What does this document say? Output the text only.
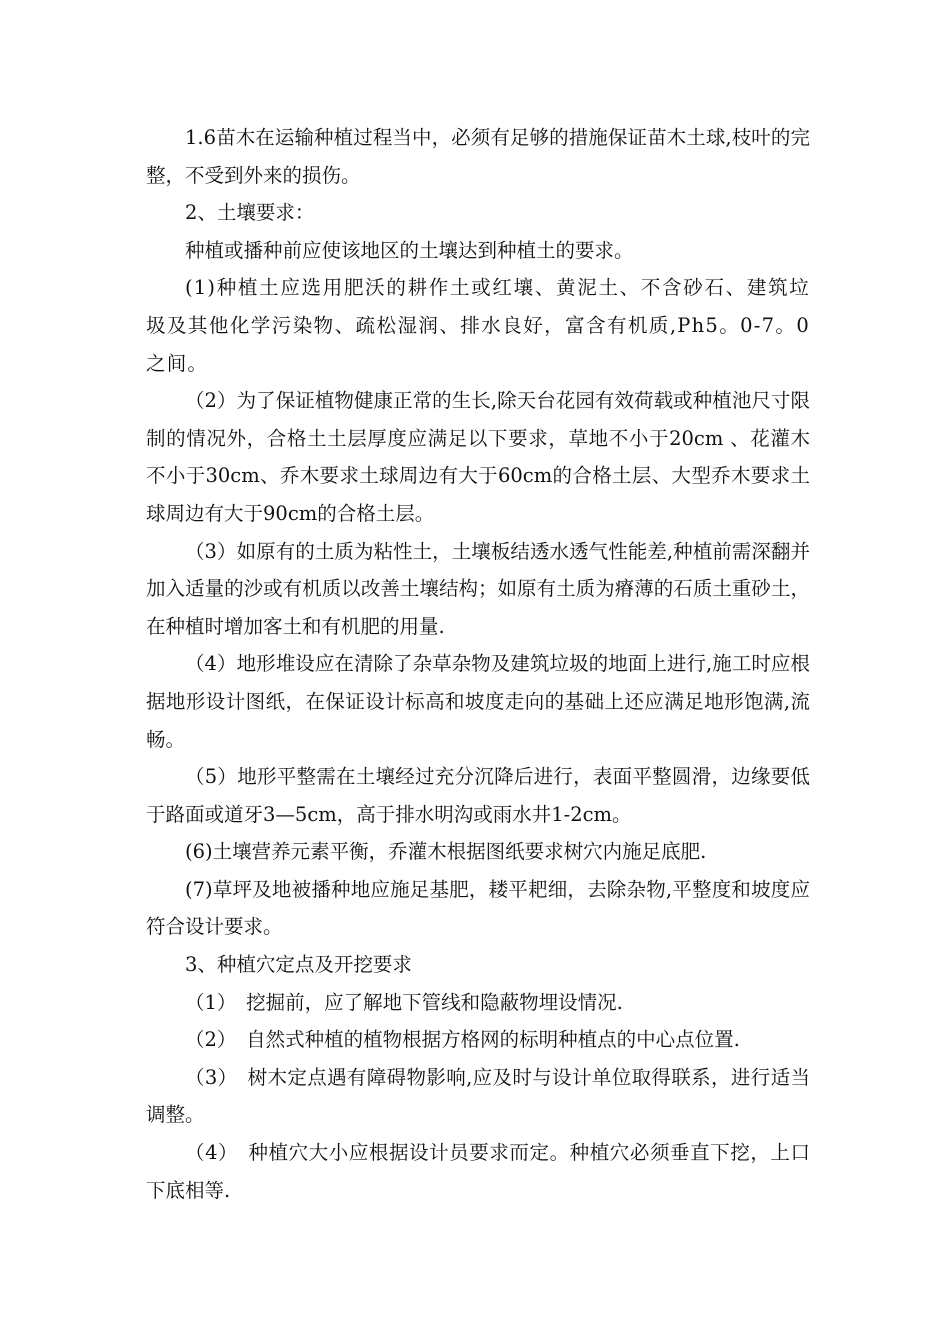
1.6苗木在运输种植过程当中，必须有足够的措施保证苗木土球,枝叶的完整，不受到外来的损伤。

2、土壤要求：

种植或播种前应使该地区的土壤达到种植土的要求。

(1)种植土应选用肥沃的耕作土或红壤、黄泥土、不含砂石、建筑垃圾及其他化学污染物、疏松湿润、排水良好，富含有机质,Ph5。0-7。0之间。

（2）为了保证植物健康正常的生长,除天台花园有效荷载或种植池尺寸限制的情况外，合格土土层厚度应满足以下要求，草地不小于20cm 、花灌木不小于30cm、乔木要求土球周边有大于60cm的合格土层、大型乔木要求土球周边有大于90cm的合格土层。

（3）如原有的土质为粘性土，土壤板结透水透气性能差,种植前需深翻并加入适量的沙或有机质以改善土壤结构；如原有土质为瘠薄的石质土重砂土，在种植时增加客土和有机肥的用量.

（4）地形堆设应在清除了杂草杂物及建筑垃圾的地面上进行,施工时应根据地形设计图纸，在保证设计标高和坡度走向的基础上还应满足地形饱满,流畅。

（5）地形平整需在土壤经过充分沉降后进行，表面平整圆滑，边缘要低于路面或道牙3—5cm，高于排水明沟或雨水井1-2cm。

(6)土壤营养元素平衡，乔灌木根据图纸要求树穴内施足底肥.

(7)草坪及地被播种地应施足基肥，耧平耙细，去除杂物,平整度和坡度应符合设计要求。

3、种植穴定点及开挖要求

（1）　挖掘前，应了解地下管线和隐蔽物埋设情况.

（2）　自然式种植的植物根据方格网的标明种植点的中心点位置.

（3）　树木定点遇有障碍物影响,应及时与设计单位取得联系，进行适当调整。

（4）　种植穴大小应根据设计员要求而定。种植穴必须垂直下挖，上口下底相等.
